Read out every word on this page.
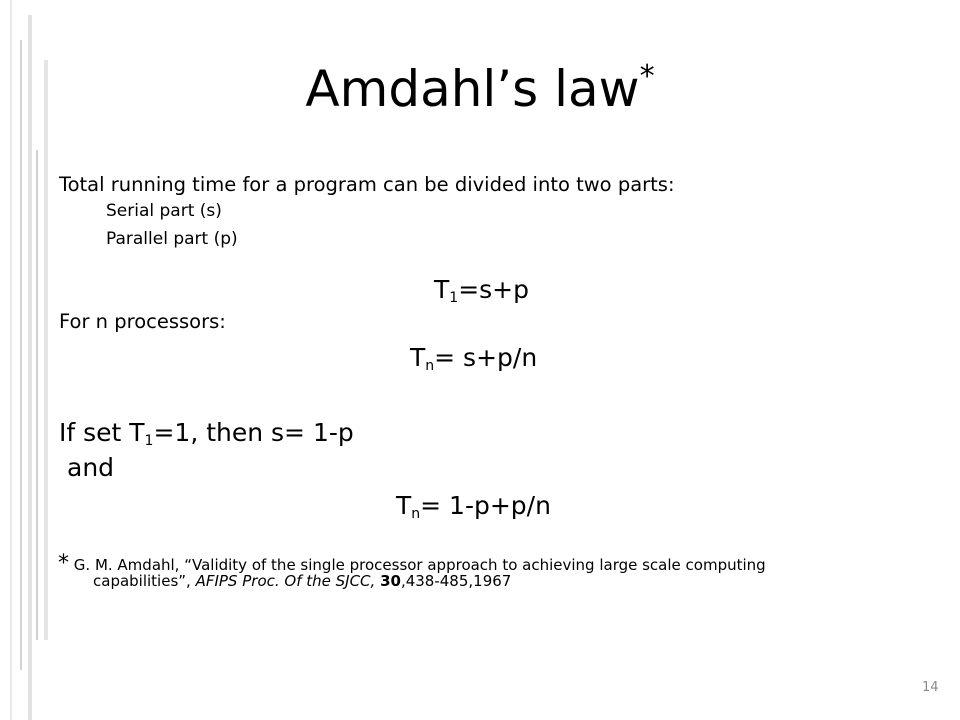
Amdahl’s law*
Total running time for a program can be divided into two parts:
Serial part (s)
Parallel part (p)
$T_1=s+p$
For n processors:
$T_n= s+p/n$
If set $T_1=1$, then s= 1-p
and
$T_n= 1-p+p/n$
* G. M. Amdahl, “Validity of the single processor approach to achieving large scale computing
capabilities”, AFIPS Proc. Of the SJCC, 30,438-485,1967
14
